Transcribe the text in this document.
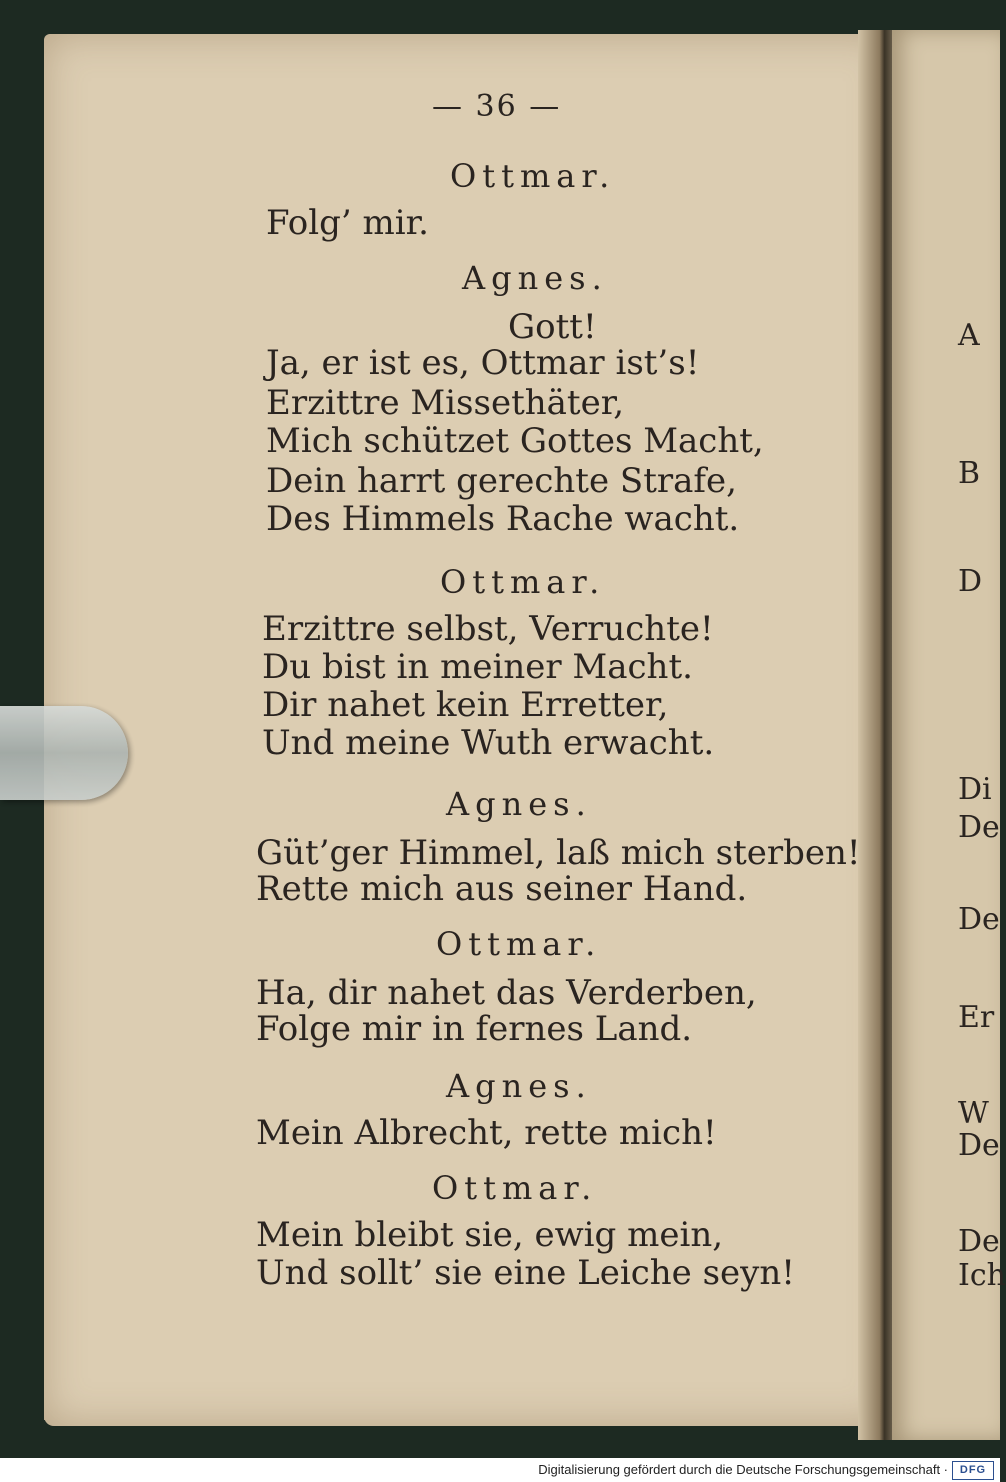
— 36 —
Ottmar.
Folg’ mir.
Agnes.
Gott!
Ja, er ist es, Ottmar ist’s!
Erzittre Missethäter,
Mich schützet Gottes Macht,
Dein harrt gerechte Strafe,
Des Himmels Rache wacht.
Ottmar.
Erzittre selbst, Verruchte!
Du bist in meiner Macht.
Dir nahet kein Erretter,
Und meine Wuth erwacht.
Agnes.
Güt’ger Himmel, laß mich sterben!
Rette mich aus seiner Hand.
Ottmar.
Ha, dir nahet das Verderben,
Folge mir in fernes Land.
Agnes.
Mein Albrecht, rette mich!
Ottmar.
Mein bleibt sie, ewig mein,
Und sollt’ sie eine Leiche seyn!
A
B
D
Di
De
De
Er
W
De
De
Ich
Digitalisierung gefördert durch die Deutsche Forschungsgemeinschaft ·	DFG
